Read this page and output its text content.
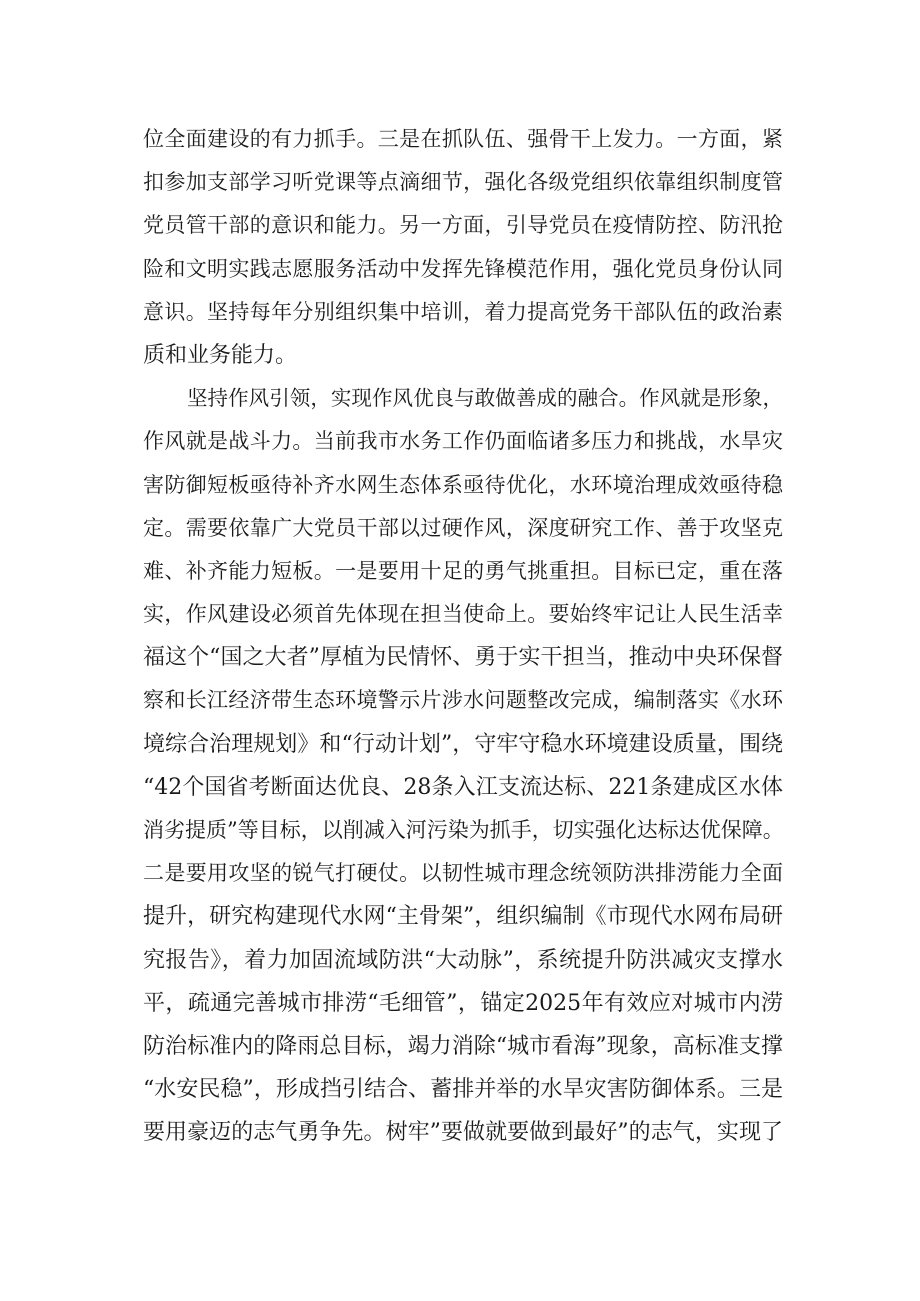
位全面建设的有力抓手。三是在抓队伍、强骨干上发力。一方面，紧
扣参加支部学习听党课等点滴细节，强化各级党组织依靠组织制度管
党员管干部的意识和能力。另一方面，引导党员在疫情防控、防汛抢
险和文明实践志愿服务活动中发挥先锋模范作用，强化党员身份认同
意识。坚持每年分别组织集中培训，着力提高党务干部队伍的政治素
质和业务能力。
坚持作风引领，实现作风优良与敢做善成的融合。作风就是形象，
作风就是战斗力。当前我市水务工作仍面临诸多压力和挑战，水旱灾
害防御短板亟待补齐水网生态体系亟待优化，水环境治理成效亟待稳
定。需要依靠广大党员干部以过硬作风，深度研究工作、善于攻坚克
难、补齐能力短板。一是要用十足的勇气挑重担。目标已定，重在落
实，作风建设必须首先体现在担当使命上。要始终牢记让人民生活幸
福这个“国之大者”厚植为民情怀、勇于实干担当，推动中央环保督
察和长江经济带生态环境警示片涉水问题整改完成，编制落实《水环
境综合治理规划》和“行动计划”，守牢守稳水环境建设质量，围绕
“42个国省考断面达优良、28条入江支流达标、221条建成区水体
消劣提质”等目标，以削减入河污染为抓手，切实强化达标达优保障。
二是要用攻坚的锐气打硬仗。以韧性城市理念统领防洪排涝能力全面
提升，研究构建现代水网“主骨架”，组织编制《市现代水网布局研
究报告》，着力加固流域防洪“大动脉”，系统提升防洪减灾支撑水
平，疏通完善城市排涝“毛细管”，锚定2025年有效应对城市内涝
防治标准内的降雨总目标，竭力消除“城市看海”现象，高标准支撑
“水安民稳”，形成挡引结合、蓄排并举的水旱灾害防御体系。三是
要用豪迈的志气勇争先。树牢”要做就要做到最好”的志气，实现了
